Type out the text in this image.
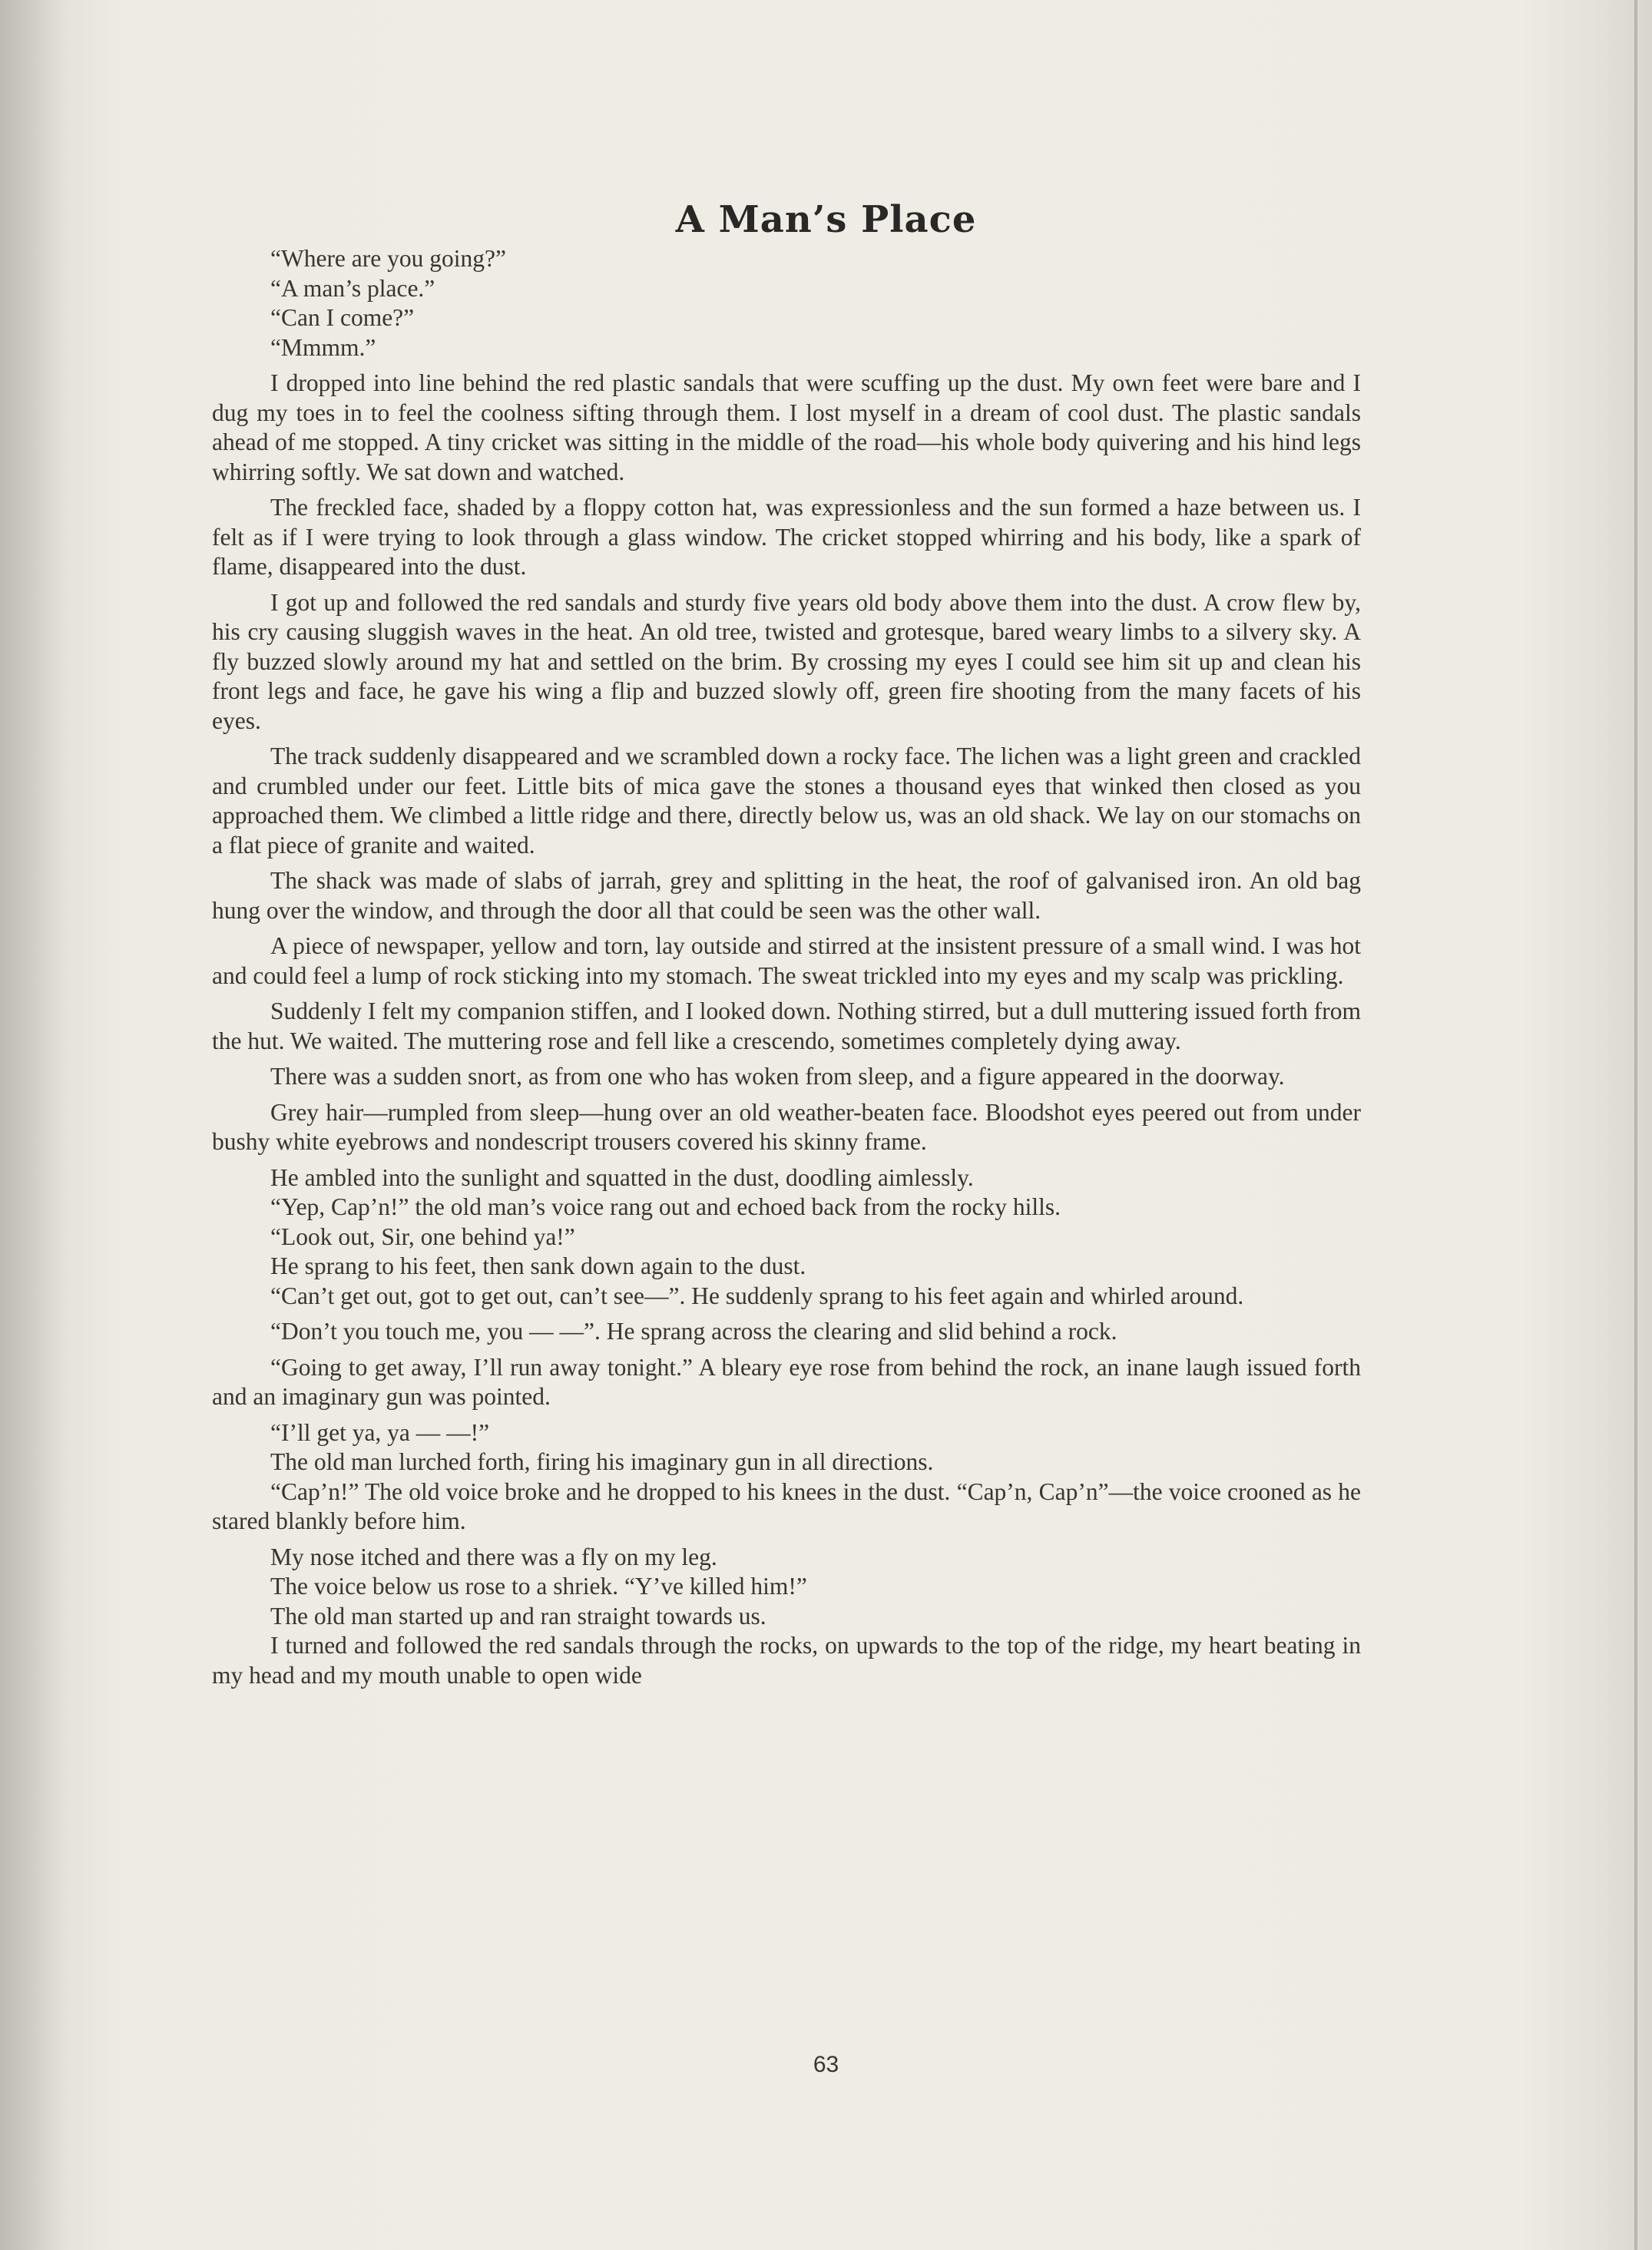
A Man’s Place

“Where are you going?”

“A man’s place.”

“Can I come?”

“Mmmm.”

I dropped into line behind the red plastic sandals that were scuffing up the dust. My own feet were bare and I dug my toes in to feel the coolness sifting through them. I lost myself in a dream of cool dust. The plastic sandals ahead of me stopped. A tiny cricket was sitting in the middle of the road—his whole body quivering and his hind legs whirring softly. We sat down and watched.

The freckled face, shaded by a floppy cotton hat, was expressionless and the sun formed a haze between us. I felt as if I were trying to look through a glass window. The cricket stopped whirring and his body, like a spark of flame, disappeared into the dust.

I got up and followed the red sandals and sturdy five years old body above them into the dust. A crow flew by, his cry causing sluggish waves in the heat. An old tree, twisted and grotesque, bared weary limbs to a silvery sky. A fly buzzed slowly around my hat and settled on the brim. By crossing my eyes I could see him sit up and clean his front legs and face, he gave his wing a flip and buzzed slowly off, green fire shooting from the many facets of his eyes.

The track suddenly disappeared and we scrambled down a rocky face. The lichen was a light green and crackled and crumbled under our feet. Little bits of mica gave the stones a thousand eyes that winked then closed as you approached them. We climbed a little ridge and there, directly below us, was an old shack. We lay on our stomachs on a flat piece of granite and waited.

The shack was made of slabs of jarrah, grey and splitting in the heat, the roof of galvanised iron. An old bag hung over the window, and through the door all that could be seen was the other wall.

A piece of newspaper, yellow and torn, lay outside and stirred at the insistent pressure of a small wind. I was hot and could feel a lump of rock sticking into my stomach. The sweat trickled into my eyes and my scalp was prickling.

Suddenly I felt my companion stiffen, and I looked down. Nothing stirred, but a dull muttering issued forth from the hut. We waited. The muttering rose and fell like a crescendo, sometimes completely dying away.

There was a sudden snort, as from one who has woken from sleep, and a figure appeared in the doorway.

Grey hair—rumpled from sleep—hung over an old weather-beaten face. Bloodshot eyes peered out from under bushy white eyebrows and nondescript trousers covered his skinny frame.

He ambled into the sunlight and squatted in the dust, doodling aimlessly.

“Yep, Cap’n!” the old man’s voice rang out and echoed back from the rocky hills.

“Look out, Sir, one behind ya!”

He sprang to his feet, then sank down again to the dust.

“Can’t get out, got to get out, can’t see—”. He suddenly sprang to his feet again and whirled around.

“Don’t you touch me, you — —”. He sprang across the clearing and slid behind a rock.

“Going to get away, I’ll run away tonight.” A bleary eye rose from behind the rock, an inane laugh issued forth and an imaginary gun was pointed.

“I’ll get ya, ya — —!”

The old man lurched forth, firing his imaginary gun in all directions.

“Cap’n!” The old voice broke and he dropped to his knees in the dust. “Cap’n, Cap’n”—the voice crooned as he stared blankly before him.

My nose itched and there was a fly on my leg.

The voice below us rose to a shriek. “Y’ve killed him!”

The old man started up and ran straight towards us.

I turned and followed the red sandals through the rocks, on upwards to the top of the ridge, my heart beating in my head and my mouth unable to open wide

63
